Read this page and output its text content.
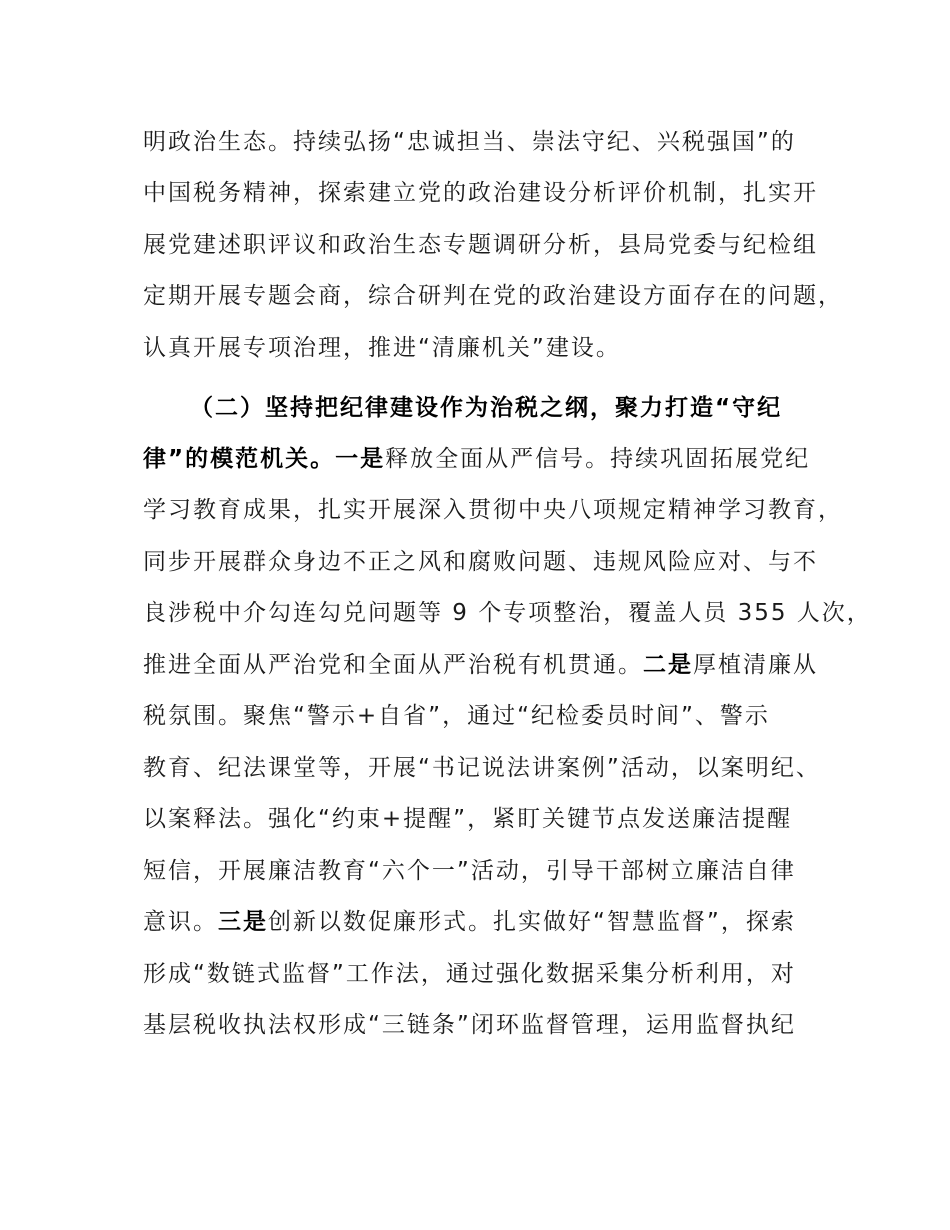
明政治生态。持续弘扬“忠诚担当、崇法守纪、兴税强国”的
中国税务精神，探索建立党的政治建设分析评价机制，扎实开
展党建述职评议和政治生态专题调研分析，县局党委与纪检组
定期开展专题会商，综合研判在党的政治建设方面存在的问题，
认真开展专项治理，推进“清廉机关”建设。
（二）坚持把纪律建设作为治税之纲，聚力打造“守纪
律”的模范机关。一是释放全面从严信号。持续巩固拓展党纪
学习教育成果，扎实开展深入贯彻中央八项规定精神学习教育，
同步开展群众身边不正之风和腐败问题、违规风险应对、与不
良涉税中介勾连勾兑问题等 9 个专项整治，覆盖人员 355 人次，
推进全面从严治党和全面从严治税有机贯通。二是厚植清廉从
税氛围。聚焦“警示+自省”，通过“纪检委员时间”、警示
教育、纪法课堂等，开展“书记说法讲案例”活动，以案明纪、
以案释法。强化“约束+提醒”，紧盯关键节点发送廉洁提醒
短信，开展廉洁教育“六个一”活动，引导干部树立廉洁自律
意识。三是创新以数促廉形式。扎实做好“智慧监督”，探索
形成“数链式监督”工作法，通过强化数据采集分析利用，对
基层税收执法权形成“三链条”闭环监督管理，运用监督执纪
